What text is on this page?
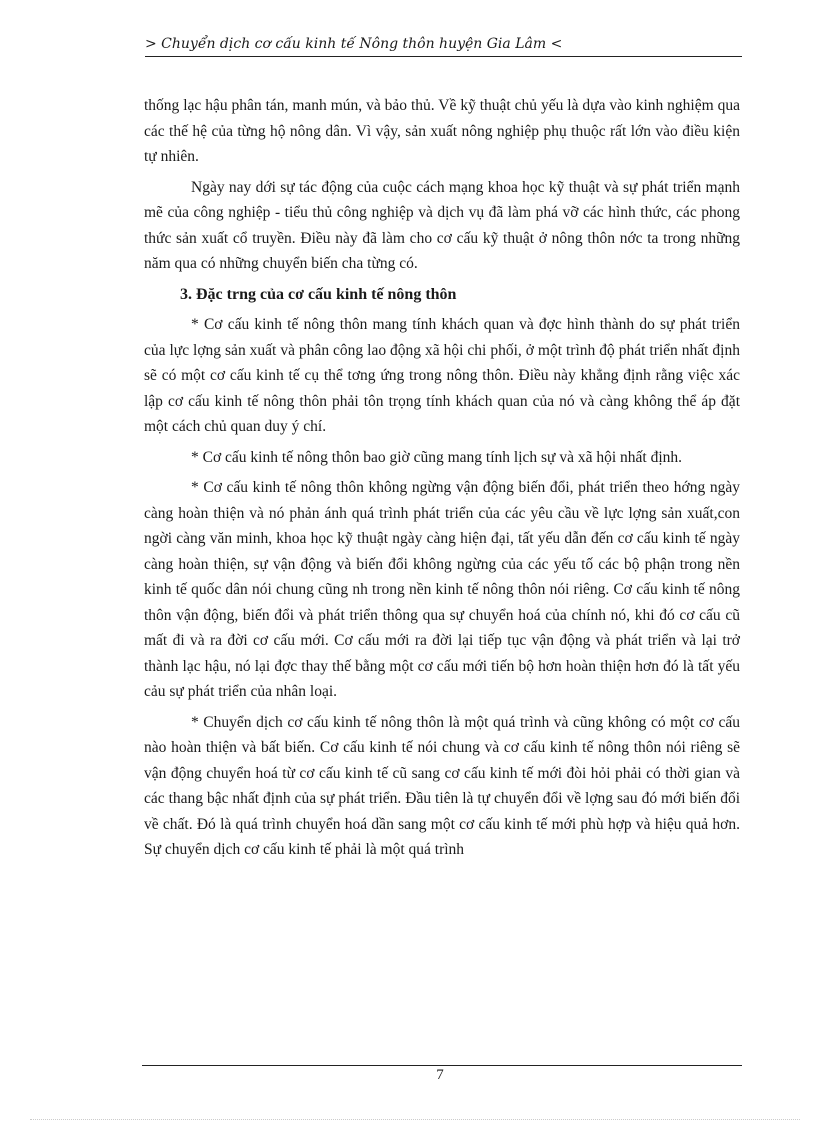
> Chuyển dịch cơ cấu kinh tế Nông thôn huyện Gia Lâm <

thống lạc hậu phân tán, manh mún, và bảo thủ. Về kỹ thuật chủ yếu là dựa vào kinh nghiệm qua các thế hệ của từng hộ nông dân. Vì vậy, sản xuất nông nghiệp phụ thuộc rất lớn vào điều kiện tự nhiên.

Ngày nay dới sự tác động của cuộc cách mạng khoa học kỹ thuật và sự phát triển mạnh mẽ của công nghiệp - tiểu thủ công nghiệp và dịch vụ đã làm phá vỡ các hình thức, các phong thức sản xuất cổ truyền. Điều này đã làm cho cơ cấu kỹ thuật ở nông thôn nớc ta trong những năm qua có những chuyển biến cha từng có.

3. Đặc trng của cơ cấu kinh tế nông thôn

* Cơ cấu kinh tế nông thôn mang tính khách quan và đợc hình thành do sự phát triển của lực lợng sản xuất và phân công lao động xã hội chi phối, ở một trình độ phát triển nhất định sẽ có một cơ cấu kinh tế cụ thể tơng ứng trong nông thôn. Điều này khẳng định rằng việc xác lập cơ cấu kinh tế nông thôn phải tôn trọng tính khách quan của nó và càng không thể áp đặt một cách chủ quan duy ý chí.

* Cơ cấu kinh tế nông thôn bao giờ cũng mang tính lịch sự và xã hội nhất định.

* Cơ cấu kinh tế nông thôn không ngừng vận động biến đổi, phát triển theo hớng ngày càng hoàn thiện và nó phản ánh quá trình phát triển của các yêu cầu về lực lợng sản xuất,con ngời càng văn minh, khoa học kỹ thuật ngày càng hiện đại, tất yếu dẫn đến cơ cấu kinh tế ngày càng hoàn thiện, sự vận động và biến đổi không ngừng của các yếu tố các bộ phận trong nền kinh tế quốc dân nói chung cũng nh trong nền kinh tế nông thôn nói riêng. Cơ cấu kinh tế nông thôn vận động, biến đổi và phát triển thông qua sự chuyển hoá của chính nó, khi đó cơ cấu cũ mất đi và ra đời cơ cấu mới. Cơ cấu mới ra đời lại tiếp tục vận động và phát triển và lại trở thành lạc hậu, nó lại đợc thay thế bằng một cơ cấu mới tiến bộ hơn hoàn thiện hơn đó là tất yếu cảu sự phát triển của nhân loại.

* Chuyển dịch cơ cấu kinh tế nông thôn là một quá trình và cũng không có một cơ cấu nào hoàn thiện và bất biến. Cơ cấu kinh tế nói chung và cơ cấu kinh tế nông thôn nói riêng sẽ vận động chuyển hoá từ cơ cấu kinh tế cũ sang cơ cấu kinh tế mới đòi hỏi phải có thời gian và các thang bậc nhất định của sự phát triển. Đầu tiên là tự chuyển đổi về lợng sau đó mới biến đổi về chất. Đó là quá trình chuyển hoá dần sang một cơ cấu kinh tế mới phù hợp và hiệu quả hơn. Sự chuyển dịch cơ cấu kinh tế phải là một quá trình

7
